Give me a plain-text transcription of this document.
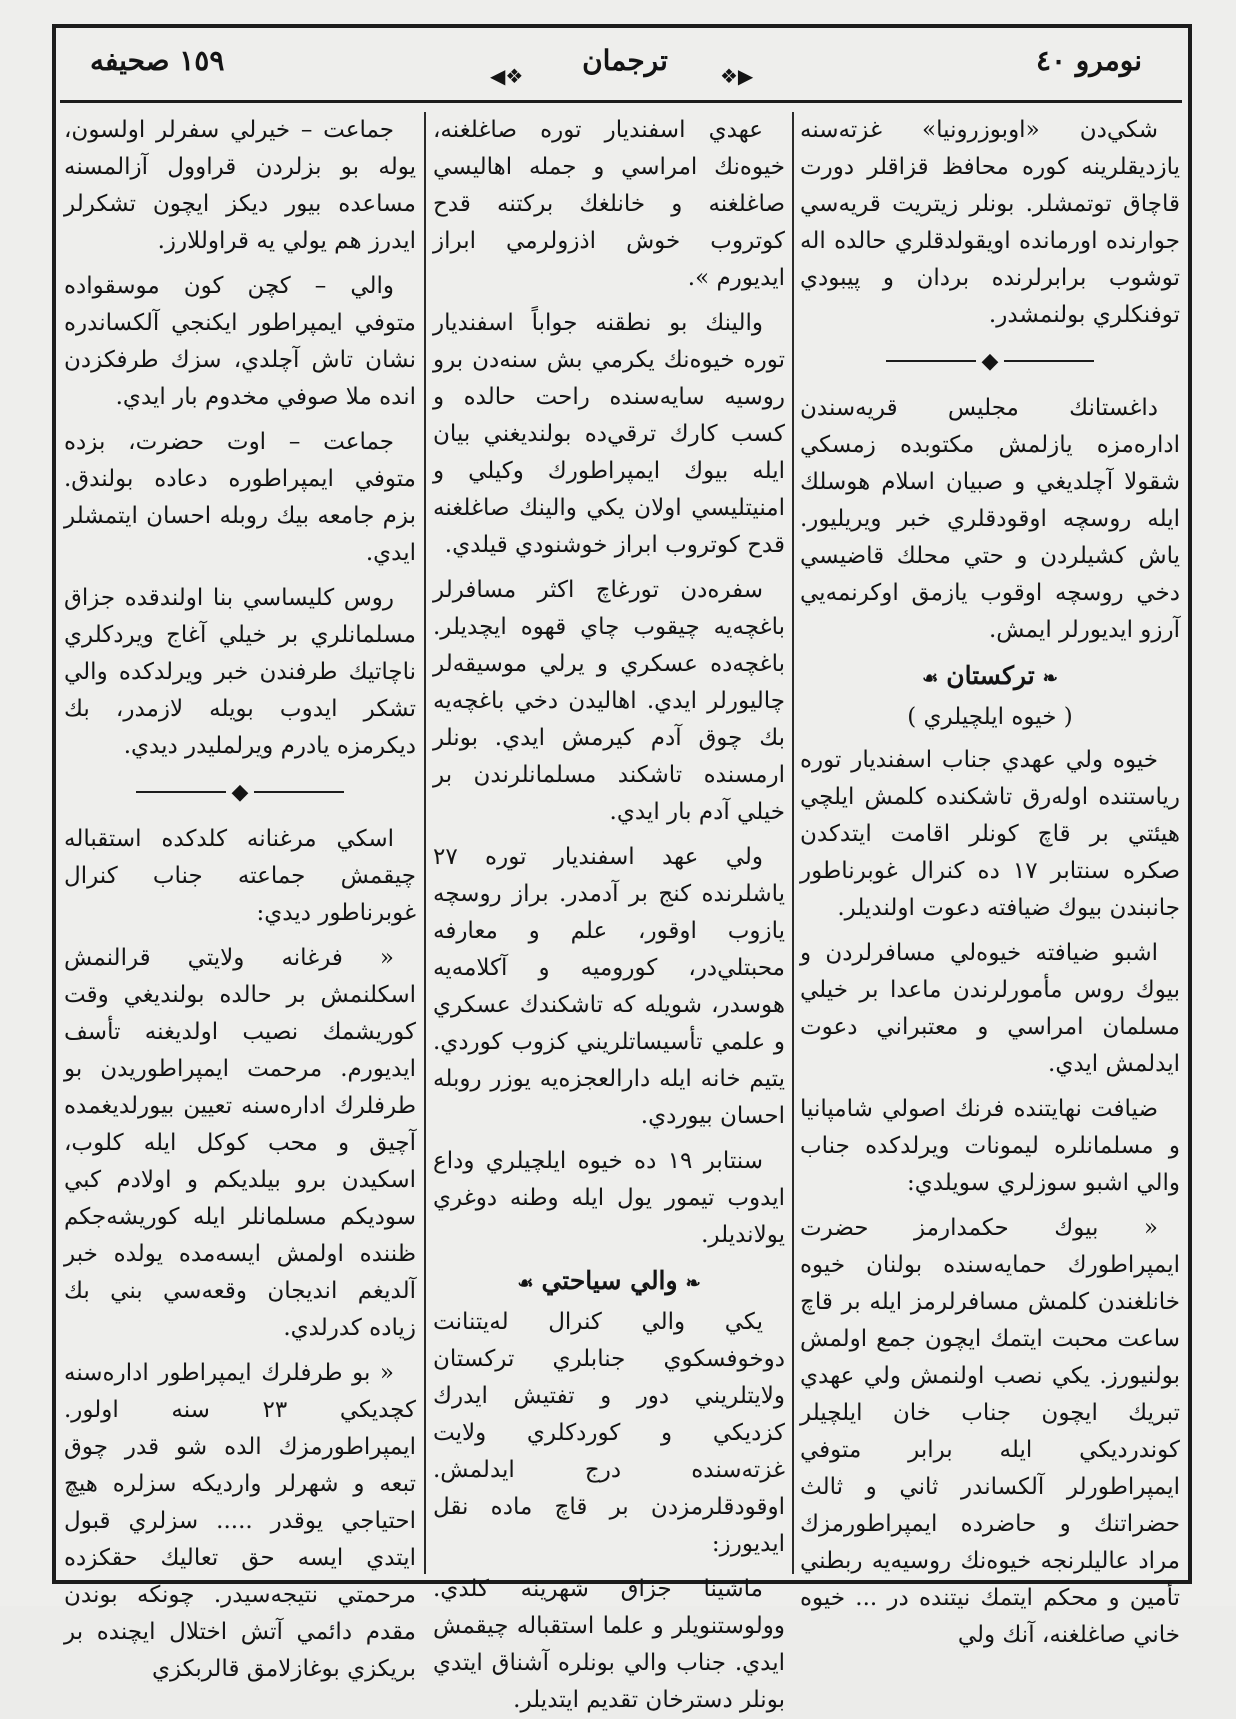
١٥٩ صحيفه	◀❖	ترجمان	❖▶	نومرو ٤٠

شكي‌دن «اوبوزرونيا» غزته‌سنه يازديقلرينه كوره محافظ قزاقلر دورت قاچاق توتمشلر. بونلر زيتريت قريه‌سي جوارنده اورمانده اويقولدقلري حالده اله توشوب برابرلرنده بردان و پيبودي توفنكلري بولنمشدر.

◆

داغستانك مجليس قريه‌سندن اداره‌مزه يازلمش مكتوبده زمسكي شقولا آچلديغي و صبيان اسلام هوسلك ايله روسچه اوقودقلري خبر ويريليور. ياش كشيلردن و حتي محلك قاضيسي دخي روسچه اوقوب يازمق اوكرنمه‌يي آرزو ايديورلر ايمش.

❧تركستان☙

( خيوه ايلچيلري )

خيوه ولي عهدي جناب اسفنديار توره رياستنده اوله‌رق تاشكنده كلمش ايلچي هيئتي بر قاچ كونلر اقامت ايتدكدن صكره سنتابر ١٧ ده كنرال غوبرناطور جانبندن بيوك ضيافته دعوت اولنديلر.

اشبو ضيافته خيوه‌لي مسافرلردن و بيوك روس مأمورلرندن ماعدا بر خيلي مسلمان امراسي و معتبراني دعوت ايدلمش ايدي.

ضيافت نهايتنده فرنك اصولي شامپانيا و مسلمانلره ليمونات ويرلدكده جناب والي اشبو سوزلري سويلدي:

« بيوك حكمدارمز حضرت ايمپراطورك حمايه‌سنده بولنان خيوه خانلغندن كلمش مسافرلرمز ايله بر قاچ ساعت محبت ايتمك ايچون جمع اولمش بولنيورز. يكي نصب اولنمش ولي عهدي تبريك ايچون جناب خان ايلچيلر كوندرديكي ايله برابر متوفي ايمپراطورلر آلكساندر ثاني و ثالث حضراتنك و حاضرده ايمپراطورمزك مراد عاليلرنجه خيوه‌نك روسيه‌يه ربطني تأمين و محكم ايتمك نيتنده در ... خيوه خاني صاغلغنه، آنك ولي

عهدي اسفنديار توره صاغلغنه، خيوه‌نك امراسي و جمله اهاليسي صاغلغنه و خانلغك بركتنه قدح كوتروب خوش اذزولرمي ابراز ايديورم ».

والينك بو نطقنه جواباً اسفنديار توره خيوه‌نك يكرمي بش سنه‌دن برو روسيه سايه‌سنده راحت حالده و كسب كارك ترقي‌ده بولنديغني بيان ايله بيوك ايمپراطورك وكيلي و امنيتليسي اولان يكي والينك صاغلغنه قدح كوتروب ابراز خوشنودي قيلدي.

سفره‌دن تورغاچ اكثر مسافرلر باغچه‌يه چيقوب چاي قهوه ايچديلر. باغچه‌ده عسكري و يرلي موسيقه‌لر چاليورلر ايدي. اهاليدن دخي باغچه‌يه بك چوق آدم كيرمش ايدي. بونلر ارمسنده تاشكند مسلمانلرندن بر خيلي آدم بار ايدي.

ولي عهد اسفنديار توره ٢٧ ياشلرنده كنج بر آدمدر. براز روسچه يازوب اوقور، علم و معارفه محبتلي‌در، كوروميه و آكلامه‌يه هوسدر، شويله كه تاشكندك عسكري و علمي تأسيساتلريني كزوب كوردي. يتيم خانه ايله دارالعجزه‌يه يوزر روبله احسان بيوردي.

سنتابر ١٩ ده خيوه ايلچيلري وداع ايدوب تيمور يول ايله وطنه دوغري يولانديلر.

❧والي سياحتي☙

يكي والي كنرال له‌يتنانت دوخوفسكوي جنابلري تركستان ولايتلريني دور و تفتيش ايدرك كزديكي و كوردكلري ولايت غزته‌سنده درج ايدلمش. اوقودقلرمزدن بر قاچ ماده نقل ايديورز:

ماشينا جزاق شهرينه كلدي. وولوستنويلر و علما استقباله چيقمش ايدي. جناب والي بونلره آشناق ايتدي بونلر دسترخان تقديم ايتديلر.

جماعت – خيرلي سفرلر اولسون، يوله بو بزلردن قراوول آزالمسنه مساعده بيور ديكز ايچون تشكرلر ايدرز هم يولي يه قراوللارز.

والي – كچن كون موسقوا‌ده متوفي ايمپراطور ايكنجي آلكساندره نشان تاش آچلدي، سزك طرفكزدن انده ملا صوفي مخدوم بار ايدي.

جماعت – اوت حضرت، بزده متوفي ايمپراطوره دعاده بولندق. بزم جامعه بيك روبله احسان ايتمشلر ايدي.

روس كليساسي بنا اولندقده جزاق مسلمانلري بر خيلي آغاج ويردكلري ناچاتيك طرفندن خبر ويرلدكده والي تشكر ايدوب بويله لازمدر، بك ديكرمزه يادرم ويرلمليدر ديدي.

◆

اسكي مرغنانه كلدكده استقباله چيقمش جماعته جناب كنرال غوبرناطور ديدي:

« فرغانه ولايتي قرالنمش اسكلنمش بر حالده بولنديغي وقت كوريشمك نصيب اولديغنه تأسف ايديورم. مرحمت ايمپراطوريدن بو طرفلرك اداره‌سنه تعيين بيورلديغمده آچيق و محب كوكل ايله كلوب، اسكيدن برو بيلديكم و اولادم كبي سوديكم مسلمانلر ايله كوريشه‌جكم ظننده اولمش ايسه‌مده يولده خبر آلديغم انديجان وقعه‌سي بني بك زياده كدرلدي.

« بو طرفلرك ايمپراطور اداره‌سنه كچديكي ٢٣ سنه اولور. ايمپراطورمزك الده شو قدر چوق تبعه و شهرلر وارديكه سزلره هيچ احتياجي يوقدر ..... سزلري قبول ايتدي ايسه حق تعاليك حقكزده مرحمتي نتيجه‌سيدر. چونكه بوندن مقدم دائمي آتش اختلال ايچنده بر بريكزي بوغازلامق قالربكزي
